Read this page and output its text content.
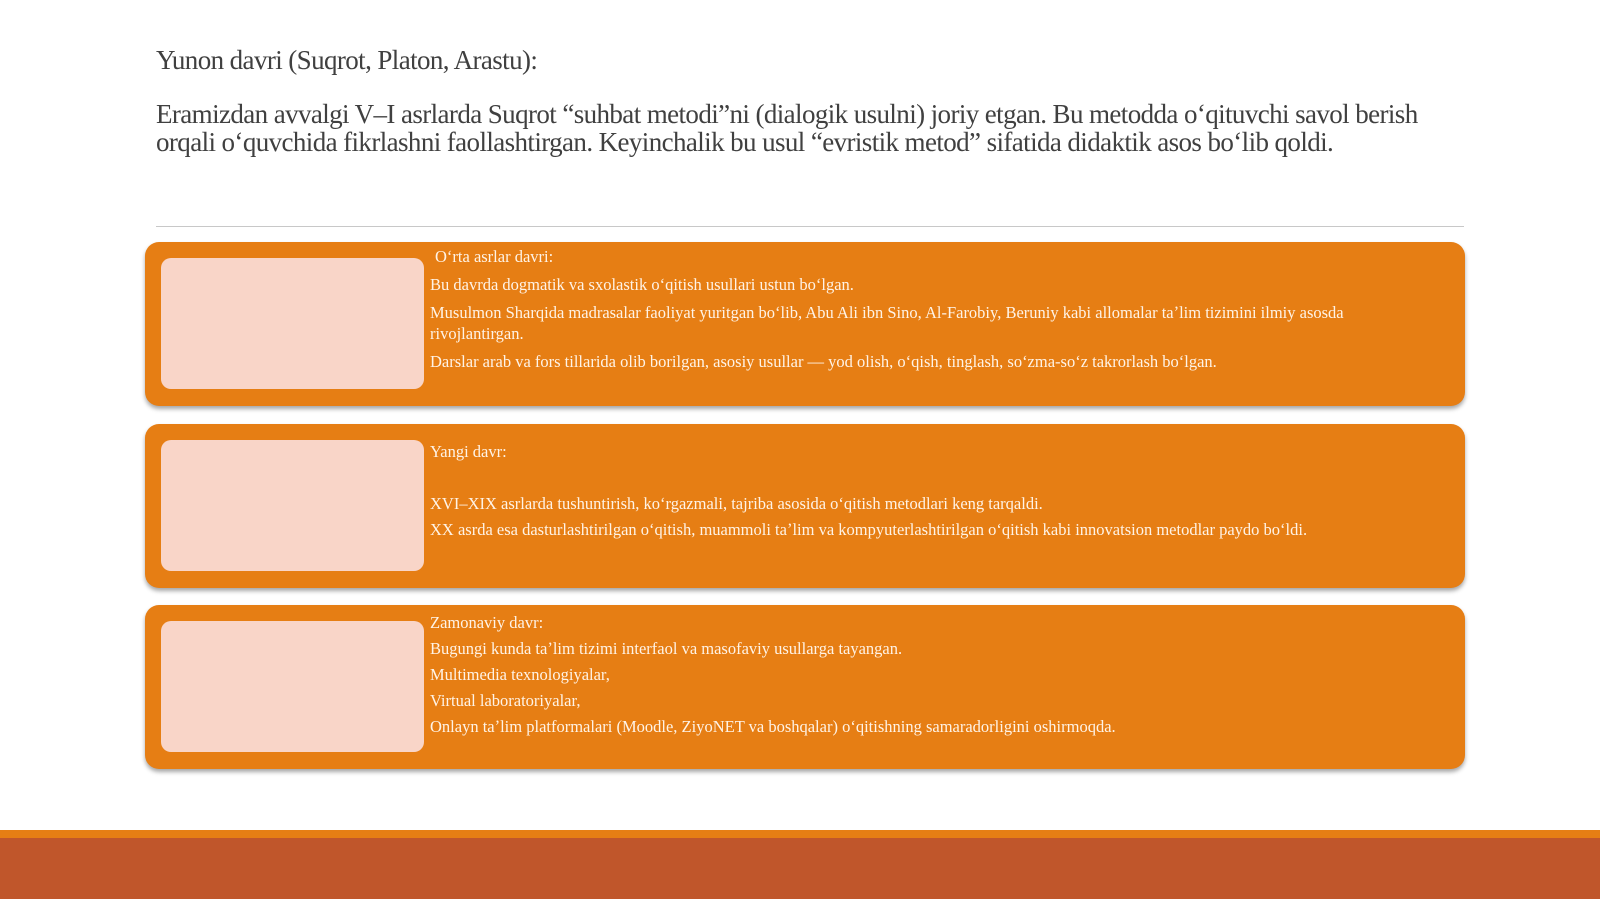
Yunon davri (Suqrot, Platon, Arastu):

Eramizdan avvalgi V–I asrlarda Suqrot “suhbat metodi”ni (dialogik usulni) joriy etgan. Bu metodda oʻqituvchi savol berish orqali oʻquvchida fikrlashni faollashtirgan. Keyinchalik bu usul “evristik metod” sifatida didaktik asos boʻlib qoldi.

Oʻrta asrlar davri:

Bu davrda dogmatik va sxolastik oʻqitish usullari ustun boʻlgan.

Musulmon Sharqida madrasalar faoliyat yuritgan boʻlib, Abu Ali ibn Sino, Al-Farobiy, Beruniy kabi allomalar taʼlim tizimini ilmiy asosda rivojlantirgan.

Darslar arab va fors tillarida olib borilgan, asosiy usullar — yod olish, oʻqish, tinglash, soʻzma-soʻz takrorlash boʻlgan.

Yangi davr:

XVI–XIX asrlarda tushuntirish, koʻrgazmali, tajriba asosida oʻqitish metodlari keng tarqaldi.

XX asrda esa dasturlashtirilgan oʻqitish, muammoli taʼlim va kompyuterlashtirilgan oʻqitish kabi innovatsion metodlar paydo boʻldi.

Zamonaviy davr:

Bugungi kunda taʼlim tizimi interfaol va masofaviy usullarga tayangan.

Multimedia texnologiyalar,

Virtual laboratoriyalar,

Onlayn taʼlim platformalari (Moodle, ZiyoNET va boshqalar) oʻqitishning samaradorligini oshirmoqda.
